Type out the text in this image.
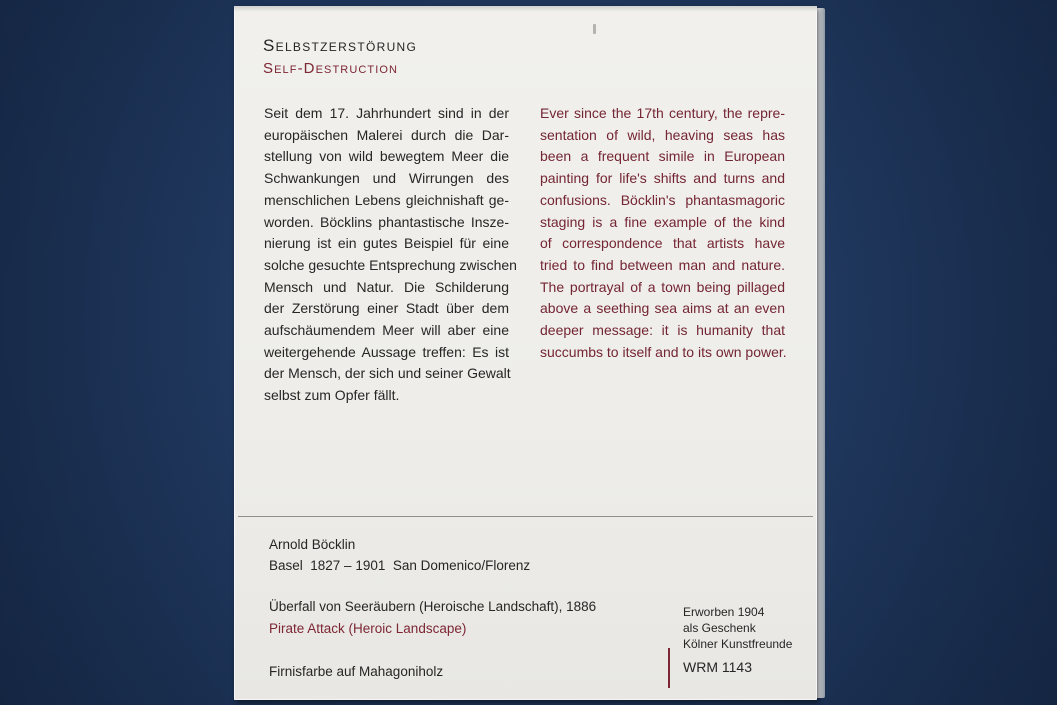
Selbstzerstörung
Self-Destruction
Seit dem 17. Jahrhundert sind in der
europäischen Malerei durch die Dar-
stellung von wild bewegtem Meer die
Schwankungen und Wirrungen des
menschlichen Lebens gleichnishaft ge-
worden. Böcklins phantastische Insze-
nierung ist ein gutes Beispiel für eine
solche gesuchte Entsprechung zwischen
Mensch und Natur. Die Schilderung
der Zerstörung einer Stadt über dem
aufschäumendem Meer will aber eine
weitergehende Aussage treffen: Es ist
der Mensch, der sich und seiner Gewalt
selbst zum Opfer fällt.
Ever since the 17th century, the repre-
sentation of wild, heaving seas has
been a frequent simile in European
painting for life's shifts and turns and
confusions. Böcklin's phantasmagoric
staging is a fine example of the kind
of correspondence that artists have
tried to find between man and nature.
The portrayal of a town being pillaged
above a seething sea aims at an even
deeper message: it is humanity that
succumbs to itself and to its own power.
Arnold Böcklin
Basel  1827 – 1901  San Domenico/Florenz
Überfall von Seeräubern (Heroische Landschaft), 1886
Pirate Attack (Heroic Landscape)
Firnisfarbe auf Mahagoniholz
Erworben 1904
als Geschenk
Kölner Kunstfreunde
WRM 1143
